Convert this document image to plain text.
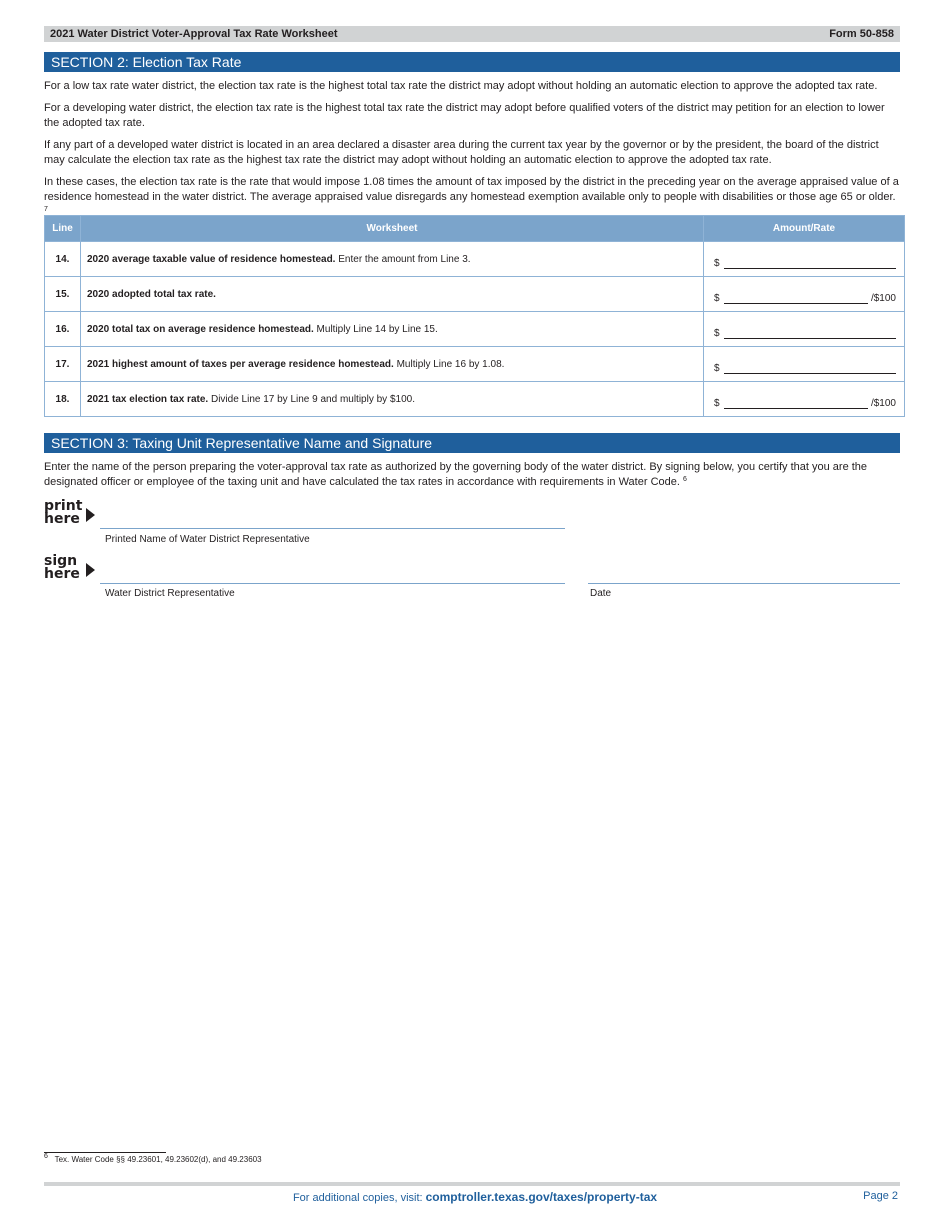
2021 Water District Voter-Approval Tax Rate Worksheet	Form 50-858
SECTION 2: Election Tax Rate

For a low tax rate water district, the election tax rate is the highest total tax rate the district may adopt without holding an automatic election to approve the adopted tax rate.

For a developing water district, the election tax rate is the highest total tax rate the district may adopt before qualified voters of the district may petition for an election to lower the adopted tax rate.

If any part of a developed water district is located in an area declared a disaster area during the current tax year by the governor or by the president, the board of the district may calculate the election tax rate as the highest tax rate the district may adopt without holding an automatic election to approve the adopted tax rate.

In these cases, the election tax rate is the rate that would impose 1.08 times the amount of tax imposed by the district in the preceding year on the average appraised value of a residence homestead in the water district. The average appraised value disregards any homestead exemption available only to people with disabilities or those age 65 or older. $^7$

Line	Worksheet	Amount/Rate
14.	2020 average taxable value of residence homestead. Enter the amount from Line 3.	$

15.	2020 adopted total tax rate.	$ /$100

16.	2020 total tax on average residence homestead. Multiply Line 14 by Line 15.	$

17.	2021 highest amount of taxes per average residence homestead. Multiply Line 16 by 1.08.	$

18.	2021 tax election tax rate. Divide Line 17 by Line 9 and multiply by $100.	$ /$100
SECTION 3: Taxing Unit Representative Name and Signature

Enter the name of the person preparing the voter-approval tax rate as authorized by the governing body of the water district. By signing below, you certify that you are the designated officer or employee of the taxing unit and have calculated the tax rates in accordance with requirements in Water Code. $^6$

print
here
Printed Name of Water District Representative
sign
here
Water District Representative	Date
$^6$ Tex. Water Code §§ 49.23601, 49.23602(d), and 49.23603
For additional copies, visit: comptroller.texas.gov/taxes/property-tax	Page 2
